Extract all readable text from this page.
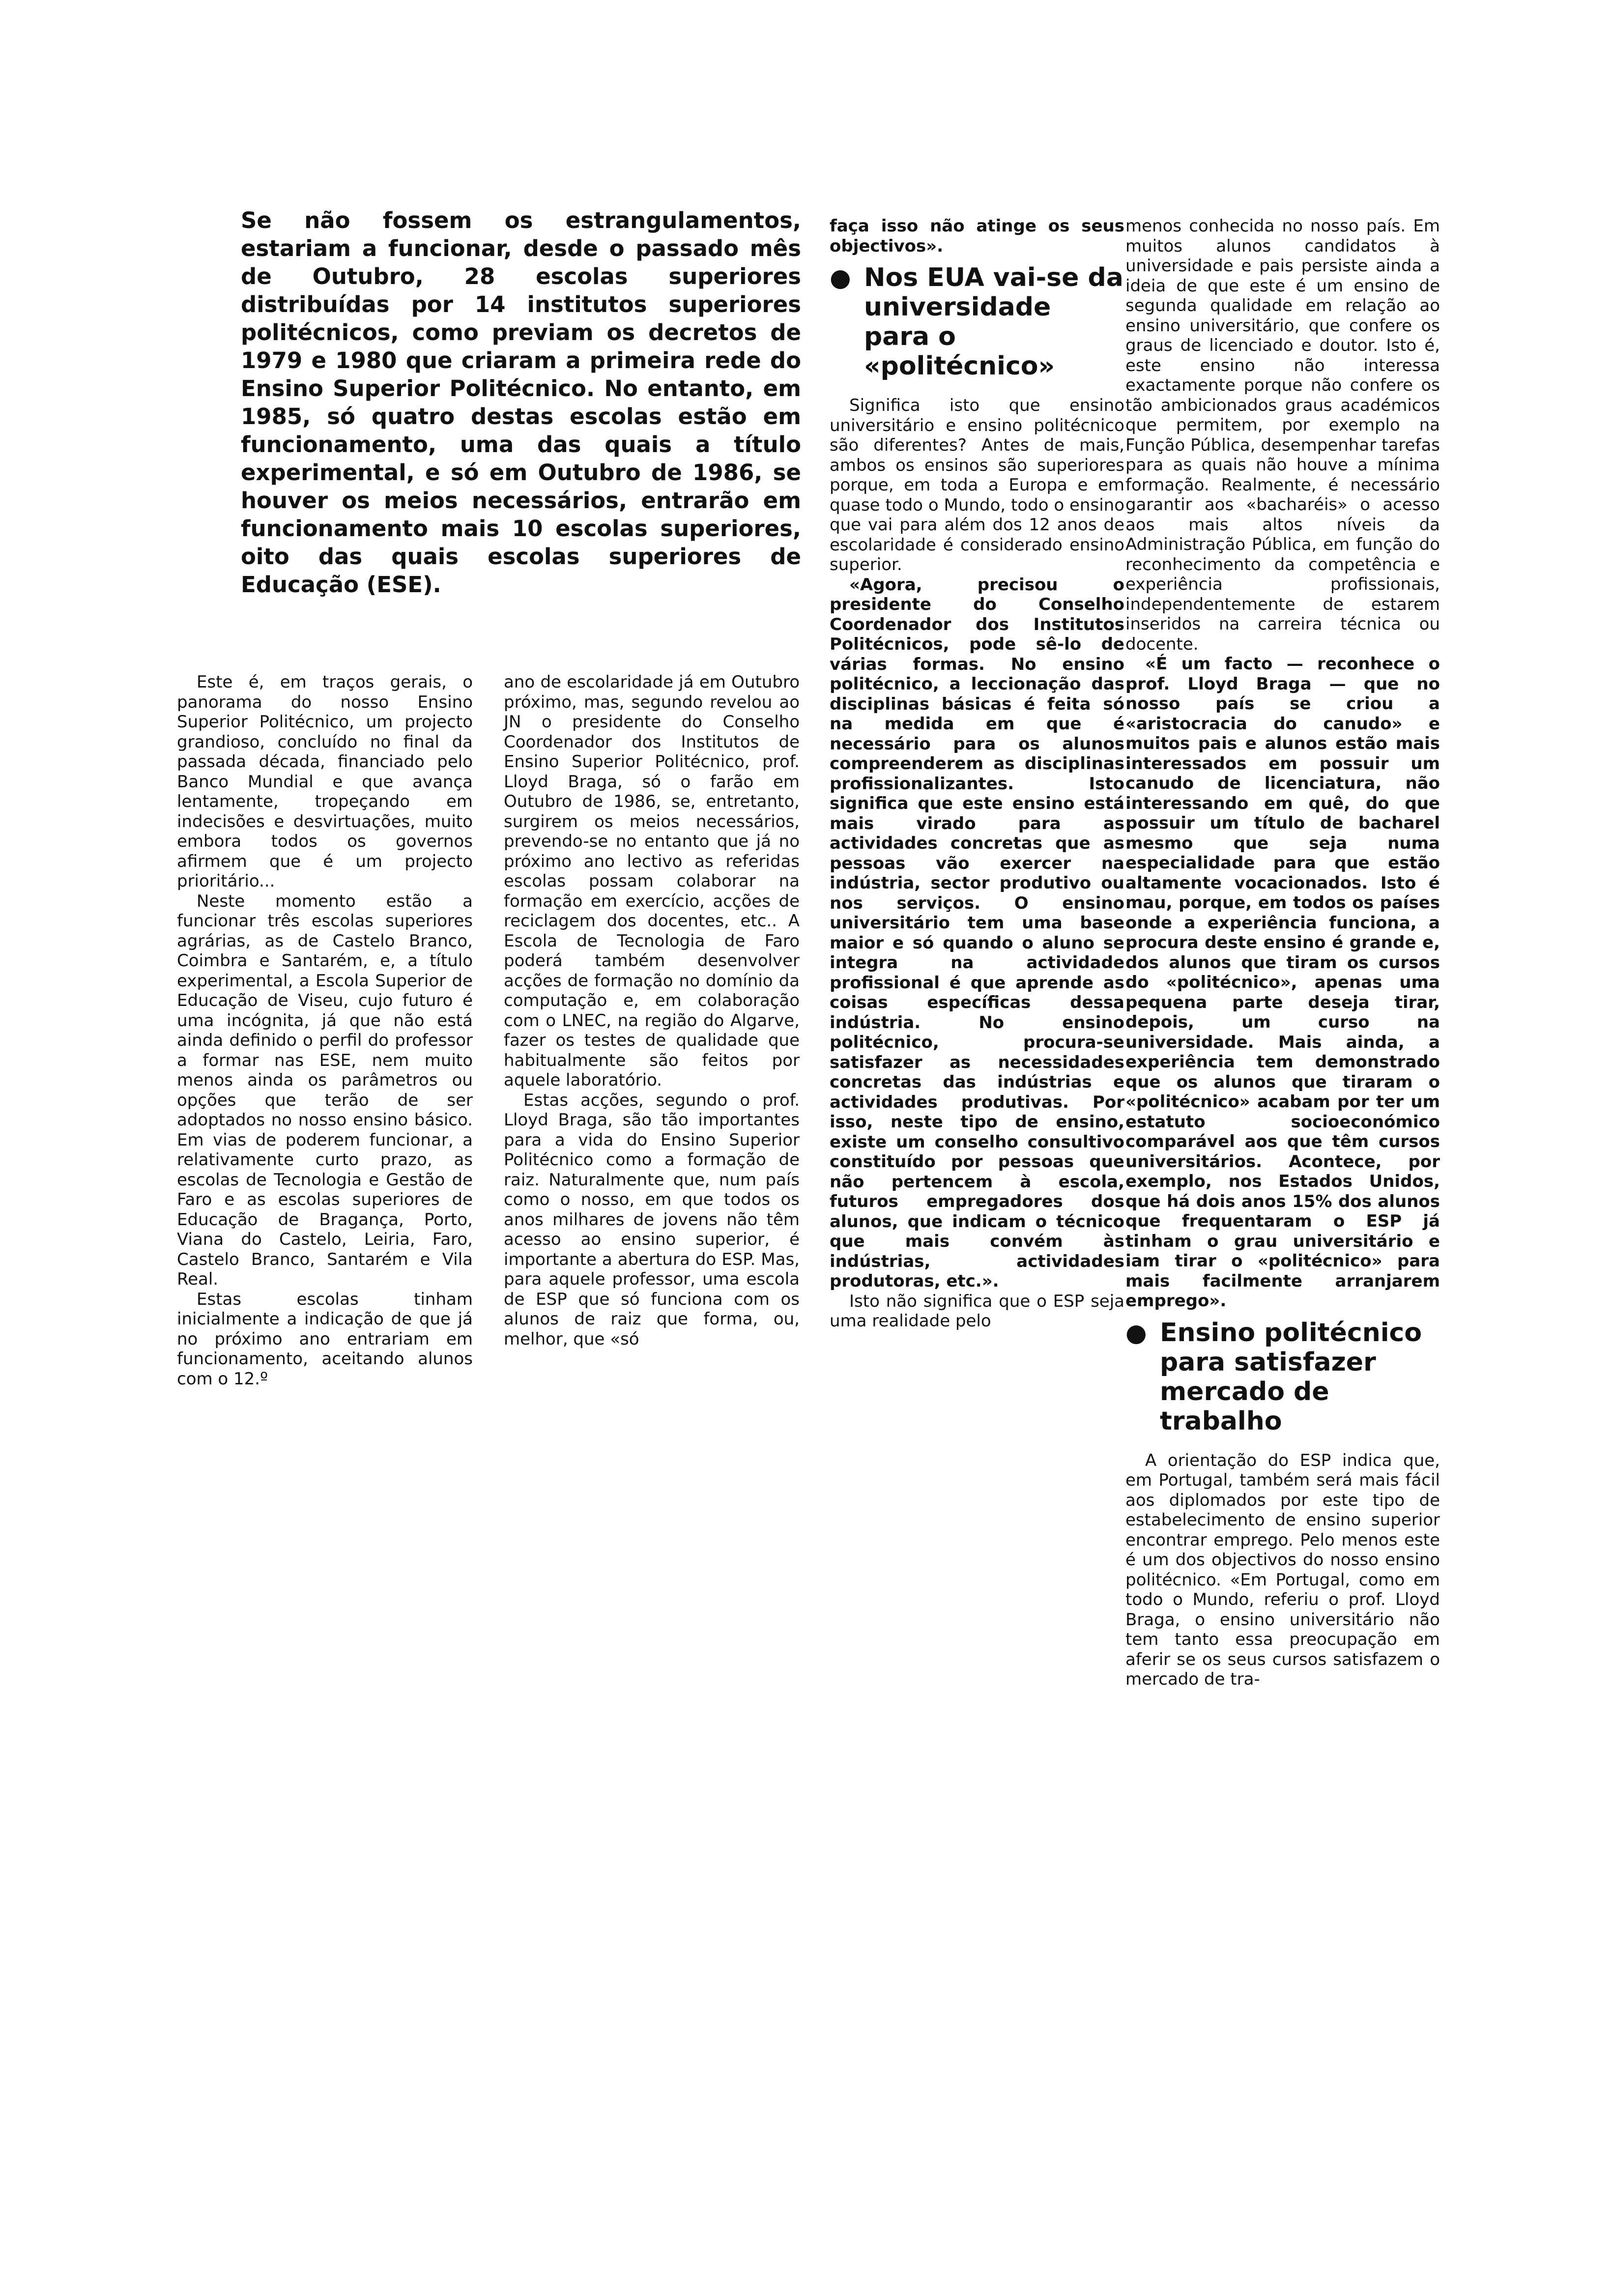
Se não fossem os estrangulamentos, estariam a funcionar, desde o passado mês de Outubro, 28 escolas superiores distribuídas por 14 institutos superiores politécnicos, como previam os decretos de 1979 e 1980 que criaram a primeira rede do Ensino Superior Politécnico. No entanto, em 1985, só quatro destas escolas estão em funcionamento, uma das quais a título experimental, e só em Outubro de 1986, se houver os meios necessários, entrarão em funcionamento mais 10 escolas superiores, oito das quais escolas superiores de Educação (ESE).

Este é, em traços gerais, o panorama do nosso Ensino Superior Politécnico, um projecto grandioso, concluído no final da passada década, financiado pelo Banco Mundial e que avança lentamente, tropeçando em indecisões e desvirtuações, muito embora todos os governos afirmem que é um projecto prioritário...

Neste momento estão a funcionar três escolas superiores agrárias, as de Castelo Branco, Coimbra e Santarém, e, a título experimental, a Escola Superior de Educação de Viseu, cujo futuro é uma incógnita, já que não está ainda definido o perfil do professor a formar nas ESE, nem muito menos ainda os parâmetros ou opções que terão de ser adoptados no nosso ensino básico. Em vias de poderem funcionar, a relativamente curto prazo, as escolas de Tecnologia e Gestão de Faro e as escolas superiores de Educação de Bragança, Porto, Viana do Castelo, Leiria, Faro, Castelo Branco, Santarém e Vila Real.

Estas escolas tinham inicialmente a indicação de que já no próximo ano entrariam em funcionamento, aceitando alunos com o 12.º

ano de escolaridade já em Outubro próximo, mas, segundo revelou ao JN o presidente do Conselho Coordenador dos Institutos de Ensino Superior Politécnico, prof. Lloyd Braga, só o farão em Outubro de 1986, se, entretanto, surgirem os meios necessários, prevendo-se no entanto que já no próximo ano lectivo as referidas escolas possam colaborar na formação em exercício, acções de reciclagem dos docentes, etc.. A Escola de Tecnologia de Faro poderá também desenvolver acções de formação no domínio da computação e, em colaboração com o LNEC, na região do Algarve, fazer os testes de qualidade que habitualmente são feitos por aquele laboratório.

Estas acções, segundo o prof. Lloyd Braga, são tão importantes para a vida do Ensino Superior Politécnico como a formação de raiz. Naturalmente que, num país como o nosso, em que todos os anos milhares de jovens não têm acesso ao ensino superior, é importante a abertura do ESP. Mas, para aquele professor, uma escola de ESP que só funciona com os alunos de raiz que forma, ou, melhor, que «só

faça isso não atinge os seus objectivos».

● Nos EUA vai-se da universidade para o «politécnico»

Significa isto que ensino universitário e ensino politécnico são diferentes? Antes de mais, ambos os ensinos são superiores porque, em toda a Europa e em quase todo o Mundo, todo o ensino que vai para além dos 12 anos de escolaridade é considerado ensino superior.

«Agora, precisou o presidente do Conselho Coordenador dos Institutos Politécnicos, pode sê-lo de várias formas. No ensino politécnico, a leccionação das disciplinas básicas é feita só na medida em que é necessário para os alunos compreenderem as disciplinas profissionalizantes. Isto significa que este ensino está mais virado para as actividades concretas que as pessoas vão exercer na indústria, sector produtivo ou nos serviços. O ensino universitário tem uma base maior e só quando o aluno se integra na actividade profissional é que aprende as coisas específicas dessa indústria. No ensino politécnico, procura-se satisfazer as necessidades concretas das indústrias e actividades produtivas. Por isso, neste tipo de ensino, existe um conselho consultivo constituído por pessoas que não pertencem à escola, futuros empregadores dos alunos, que indicam o técnico que mais convém às indústrias, actividades produtoras, etc.».

Isto não significa que o ESP seja uma realidade pelo

menos conhecida no nosso país. Em muitos alunos candidatos à universidade e pais persiste ainda a ideia de que este é um ensino de segunda qualidade em relação ao ensino universitário, que confere os graus de licenciado e doutor. Isto é, este ensino não interessa exactamente porque não confere os tão ambicionados graus académicos que permitem, por exemplo na Função Pública, desempenhar tarefas para as quais não houve a mínima formação. Realmente, é necessário garantir aos «bacharéis» o acesso aos mais altos níveis da Administração Pública, em função do reconhecimento da competência e experiência profissionais, independentemente de estarem inseridos na carreira técnica ou docente.

«É um facto — reconhece o prof. Lloyd Braga — que no nosso país se criou a «aristocracia do canudo» e muitos pais e alunos estão mais interessados em possuir um canudo de licenciatura, não interessando em quê, do que possuir um título de bacharel mesmo que seja numa especialidade para que estão altamente vocacionados. Isto é mau, porque, em todos os países onde a experiência funciona, a procura deste ensino é grande e, dos alunos que tiram os cursos do «politécnico», apenas uma pequena parte deseja tirar, depois, um curso na universidade. Mais ainda, a experiência tem demonstrado que os alunos que tiraram o «politécnico» acabam por ter um estatuto socioeconómico comparável aos que têm cursos universitários. Acontece, por exemplo, nos Estados Unidos, que há dois anos 15% dos alunos que frequentaram o ESP já tinham o grau universitário e iam tirar o «politécnico» para mais facilmente arranjarem emprego».

● Ensino politécnico para satisfazer mercado de trabalho

A orientação do ESP indica que, em Portugal, também será mais fácil aos diplomados por este tipo de estabelecimento de ensino superior encontrar emprego. Pelo menos este é um dos objectivos do nosso ensino politécnico. «Em Portugal, como em todo o Mundo, referiu o prof. Lloyd Braga, o ensino universitário não tem tanto essa preocupação em aferir se os seus cursos satisfazem o mercado de tra-
